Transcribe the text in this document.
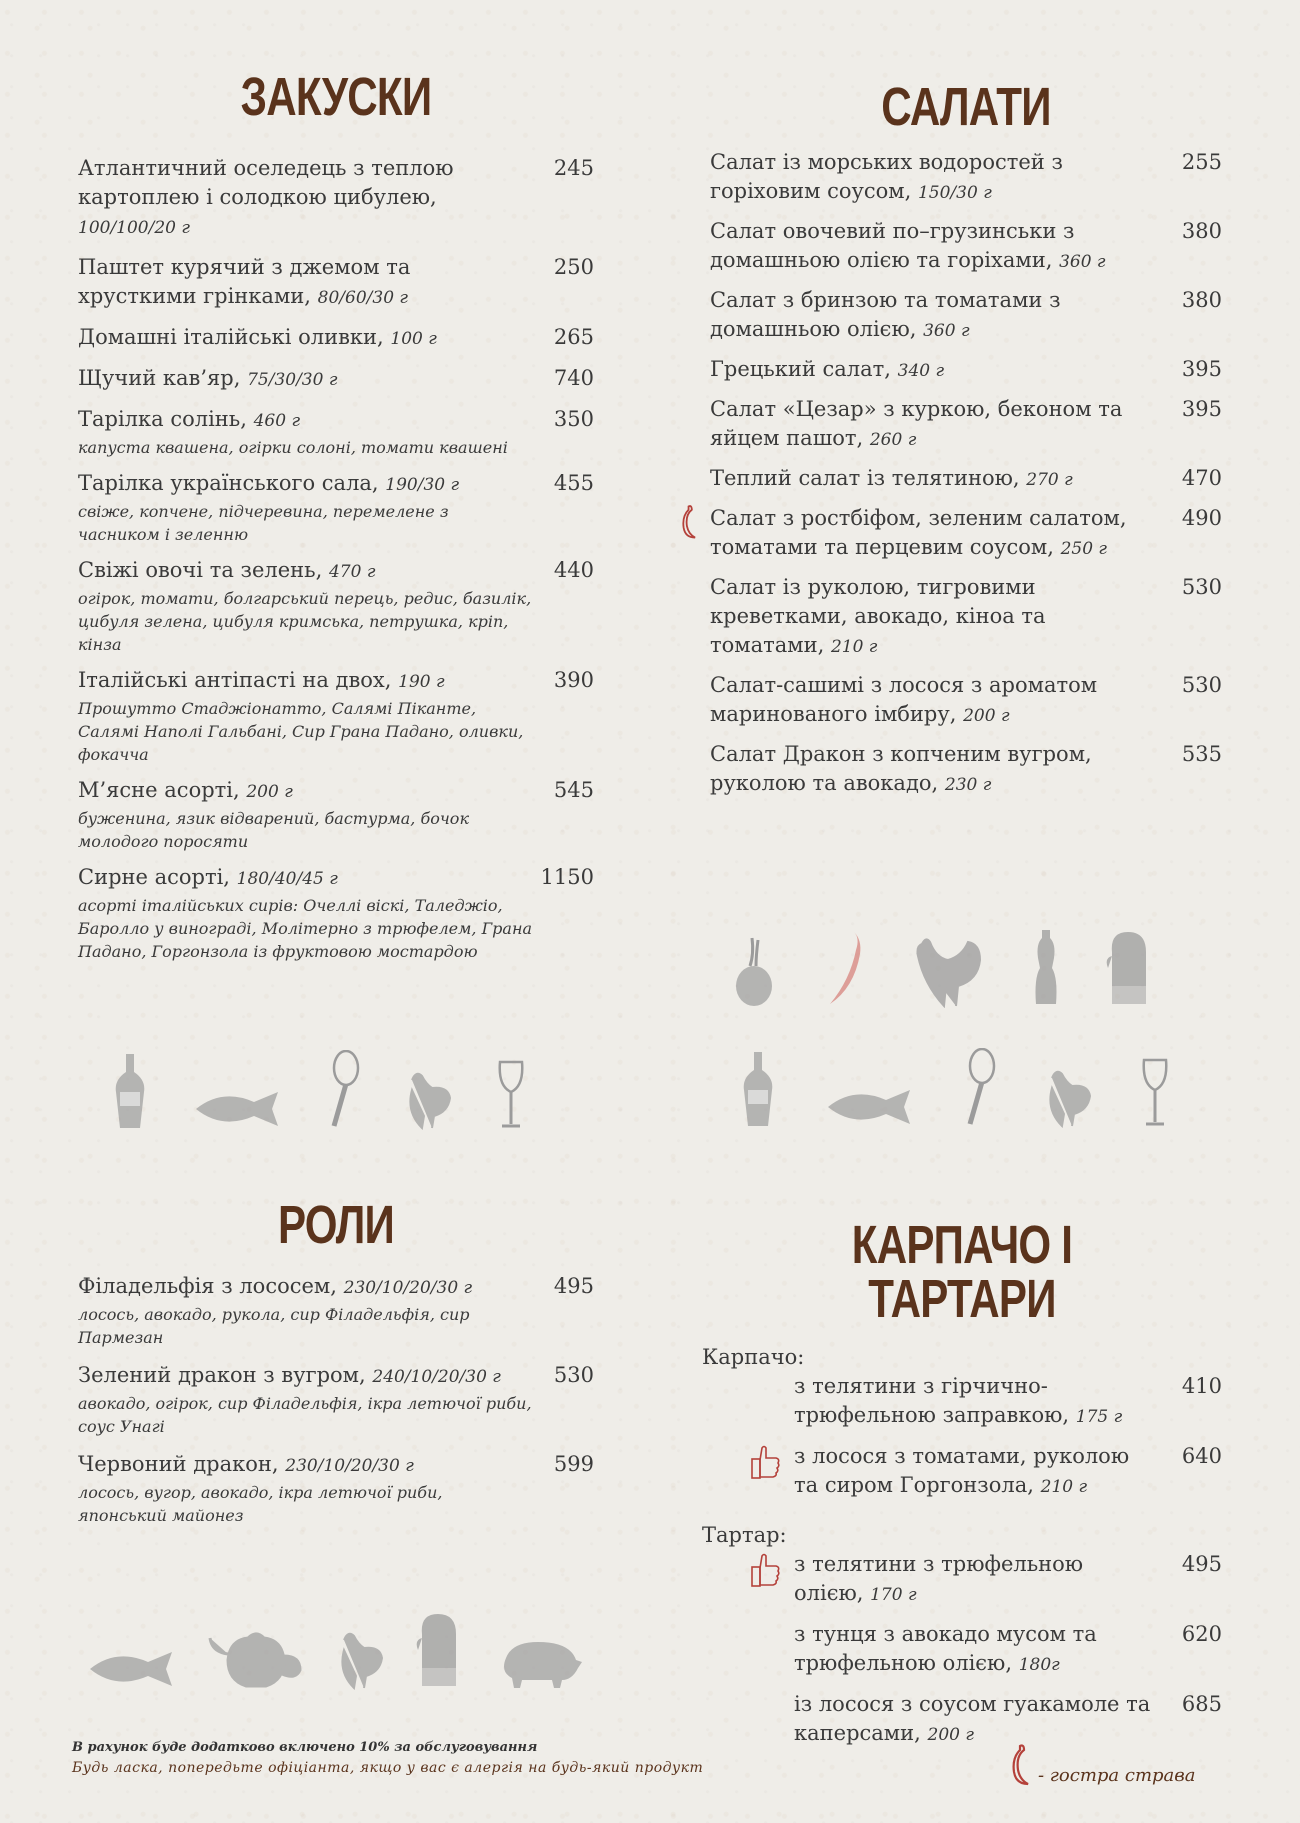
ЗАКУСКИ
Атлантичний оселедець з теплою картоплею і солодкою цибулею, 100/100/20 г
245
Паштет курячий з джемом та хрусткими грінками, 80/60/30 г
250
Домашні італійські оливки, 100 г	265
Щучий кав’яр, 75/30/30 г	740
Тарілка солінь, 460 г	350
капуста квашена, огірки солоні, томати квашені
Тарілка українського сала, 190/30 г	455
свіже, копчене, підчеревина, перемелене з часником і зеленню
Свіжі овочі та зелень, 470 г	440
огірок, томати, болгарський перець, редис, базилік, цибуля зелена, цибуля кримська, петрушка, кріп, кінза
Італійські антіпасті на двох, 190 г	390
Прошутто Стаджіонатто, Салямі Піканте, Салямі Наполі Гальбані, Сир Грана Падано, оливки, фокачча
М’ясне асорті, 200 г	545
буженина, язик відварений, бастурма, бочок молодого поросяти
Сирне асорті, 180/40/45 г	1150
асорті італійських сирів: Очеллі віскі, Таледжіо, Баролло у винограді, Молітерно з трюфелем, Грана Падано, Горгонзола із фруктовою мостардою
САЛАТИ
Салат із морських водоростей з горіховим соусом, 150/30 г
255
Салат овочевий по–грузинськи з домашньою олією та горіхами, 360 г
380
Салат з бринзою та томатами з домашньою олією, 360 г
380
Грецький салат, 340 г	395
Салат «Цезар» з куркою, беконом та яйцем пашот, 260 г
395
Теплий салат із телятиною, 270 г	470
Салат з ростбіфом, зеленим салатом, томатами та перцевим соусом, 250 г
490
Салат із руколою, тигровими креветками, авокадо, кіноа та томатами, 210 г
530
Салат-сашимі з лосося з ароматом маринованого імбиру, 200 г
530
Салат Дракон з копченим вугром, руколою та авокадо, 230 г
535
РОЛИ
Філадельфія з лососем, 230/10/20/30 г	495
лосось, авокадо, рукола, сир Філадельфія, сир Пармезан
Зелений дракон з вугром, 240/10/20/30 г	530
авокадо, огірок, сир Філадельфія, ікра летючої риби, соус Унагі
Червоний дракон, 230/10/20/30 г	599
лосось, вугор, авокадо, ікра летючої риби, японський майонез
КАРПАЧО І ТАРТАРИ
Карпачо:
з телятини з гірчично-трюфельною заправкою, 175 г
410
з лосося з томатами, руколою та сиром Горгонзола, 210 г
640
Тартар:
з телятини з трюфельною олією, 170 г
495
з тунця з авокадо мусом та трюфельною олією, 180г
620
із лосося з соусом гуакамоле та каперсами, 200 г
685
В рахунок буде додатково включено 10% за обслуговування
Будь ласка, попередьте офіціанта, якщо у вас є алергія на будь-який продукт	- гостра страва
